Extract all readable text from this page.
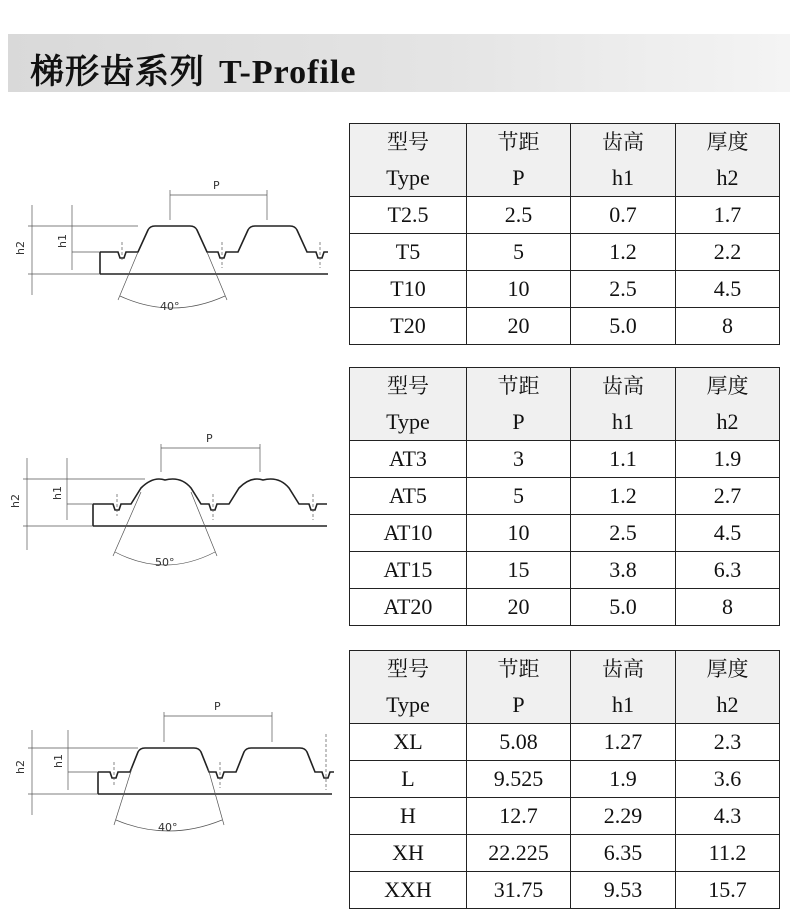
梯形齿系列 T-Profile
P
h2
h1
40°
P
h2
h1
50°
P
h2 h1
40°
型号	节距	齿高	厚度
Type	P	h1	h2
T2.5	2.5	0.7	1.7
T5	5	1.2	2.2
T10	10	2.5	4.5
T20	20	5.0	8
型号	节距	齿高	厚度
Type	P	h1	h2
AT3	3	1.1	1.9
AT5	5	1.2	2.7
AT10	10	2.5	4.5
AT15	15	3.8	6.3
AT20	20	5.0	8
型号	节距	齿高	厚度
Type	P	h1	h2
XL	5.08	1.27	2.3
L	9.525	1.9	3.6
H	12.7	2.29	4.3
XH	22.225	6.35	11.2
XXH	31.75	9.53	15.7
